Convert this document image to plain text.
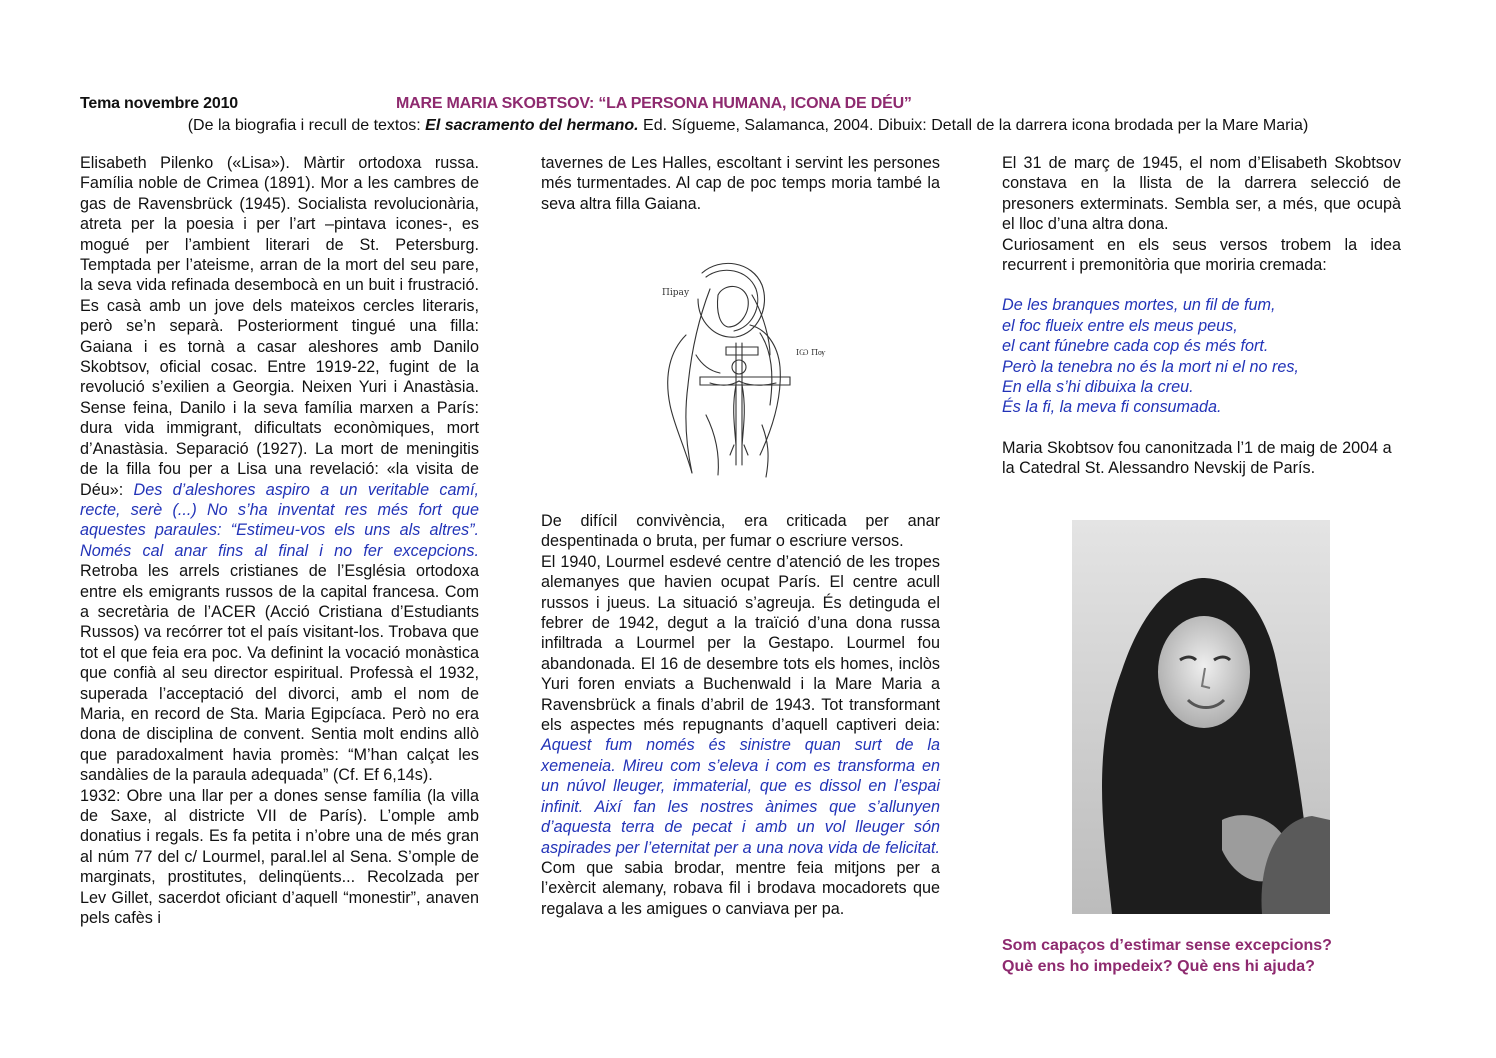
Tema novembre 2010	MARE MARIA SKOBTSOV: “LA PERSONA HUMANA, ICONA DE DÉU”
(De la biografia i recull de textos: El sacramento del hermano. Ed. Sígueme, Salamanca, 2004. Dibuix: Detall de la darrera icona brodada per la Mare Maria)

Elisabeth Pilenko («Lisa»). Màrtir ortodoxa russa. Família noble de Crimea (1891). Mor a les cambres de gas de Ravensbrück (1945). Socialista revolucionària, atreta per la poesia i per l’art –pintava icones-, es mogué per l’ambient literari de St. Petersburg. Temptada per l’ateisme, arran de la mort del seu pare, la seva vida refinada desembocà en un buit i frustració. Es casà amb un jove dels mateixos cercles literaris, però se’n separà. Posteriorment tingué una filla: Gaiana i es tornà a casar aleshores amb Danilo Skobtsov, oficial cosac. Entre 1919-22, fugint de la revolució s’exilien a Georgia. Neixen Yuri i Anastàsia. Sense feina, Danilo i la seva família marxen a París: dura vida immigrant, dificultats econòmiques, mort d’Anastàsia. Separació (1927). La mort de meningitis de la filla fou per a Lisa una revelació: «la visita de Déu»: Des d’aleshores aspiro a un veritable camí, recte, serè (...) No s’ha inventat res més fort que aquestes paraules: “Estimeu-vos els uns als altres”. Només cal anar fins al final i no fer excepcions. Retroba les arrels cristianes de l’Església ortodoxa entre els emigrants russos de la capital francesa. Com a secretària de l’ACER (Acció Cristiana d’Estudiants Russos) va recórrer tot el país visitant-los. Trobava que tot el que feia era poc. Va definint la vocació monàstica que confià al seu director espiritual. Professà el 1932, superada l’acceptació del divorci, amb el nom de Maria, en record de Sta. Maria Egipcíaca. Però no era dona de disciplina de convent. Sentia molt endins allò que paradoxalment havia promès: “M’han calçat les sandàlies de la paraula adequada” (Cf. Ef 6,14s).

1932: Obre una llar per a dones sense família (la villa de Saxe, al districte VII de París). L’omple amb donatius i regals. Es fa petita i n’obre una de més gran al núm 77 del c/ Lourmel, paral.lel al Sena. S’omple de marginats, prostitutes, delinqüents... Recolzada per Lev Gillet, sacerdot oficiant d’aquell “monestir”, anaven pels cafès i

tavernes de Les Halles, escoltant i servint les persones més turmentades. Al cap de poc temps moria també la seva altra filla Gaiana.

Пірау
ІѠ Пѹ

De difícil convivència, era criticada per anar despentinada o bruta, per fumar o escriure versos.

El 1940, Lourmel esdevé centre d’atenció de les tropes alemanyes que havien ocupat París. El centre acull russos i jueus. La situació s’agreuja. És detinguda el febrer de 1942, degut a la traïció d’una dona russa infiltrada a Lourmel per la Gestapo. Lourmel fou abandonada. El 16 de desembre tots els homes, inclòs Yuri foren enviats a Buchenwald i la Mare Maria a Ravensbrück a finals d’abril de 1943. Tot transformant els aspectes més repugnants d’aquell captiveri deia: Aquest fum només és sinistre quan surt de la xemeneia. Mireu com s’eleva i com es transforma en un núvol lleuger, immaterial, que es dissol en l’espai infinit. Així fan les nostres ànimes que s’allunyen d’aquesta terra de pecat i amb un vol lleuger són aspirades per l’eternitat per a una nova vida de felicitat. Com que sabia brodar, mentre feia mitjons per a l’exèrcit alemany, robava fil i brodava mocadorets que regalava a les amigues o canviava per pa.

El 31 de març de 1945, el nom d’Elisabeth Skobtsov constava en la llista de la darrera selecció de presoners exterminats. Sembla ser, a més, que ocupà el lloc d’una altra dona.

Curiosament en els seus versos trobem la idea recurrent i premonitòria que moriria cremada:

De les branques mortes, un fil de fum,
el foc flueix entre els meus peus,
el cant fúnebre cada cop és més fort.
Però la tenebra no és la mort ni el no res,
En ella s’hi dibuixa la creu.
És la fi, la meva fi consumada.

Maria Skobtsov fou canonitzada l’1 de maig de 2004 a la Catedral St. Alessandro Nevskij de París.

Som capaços d’estimar sense excepcions?
Què ens ho impedeix? Què ens hi ajuda?
